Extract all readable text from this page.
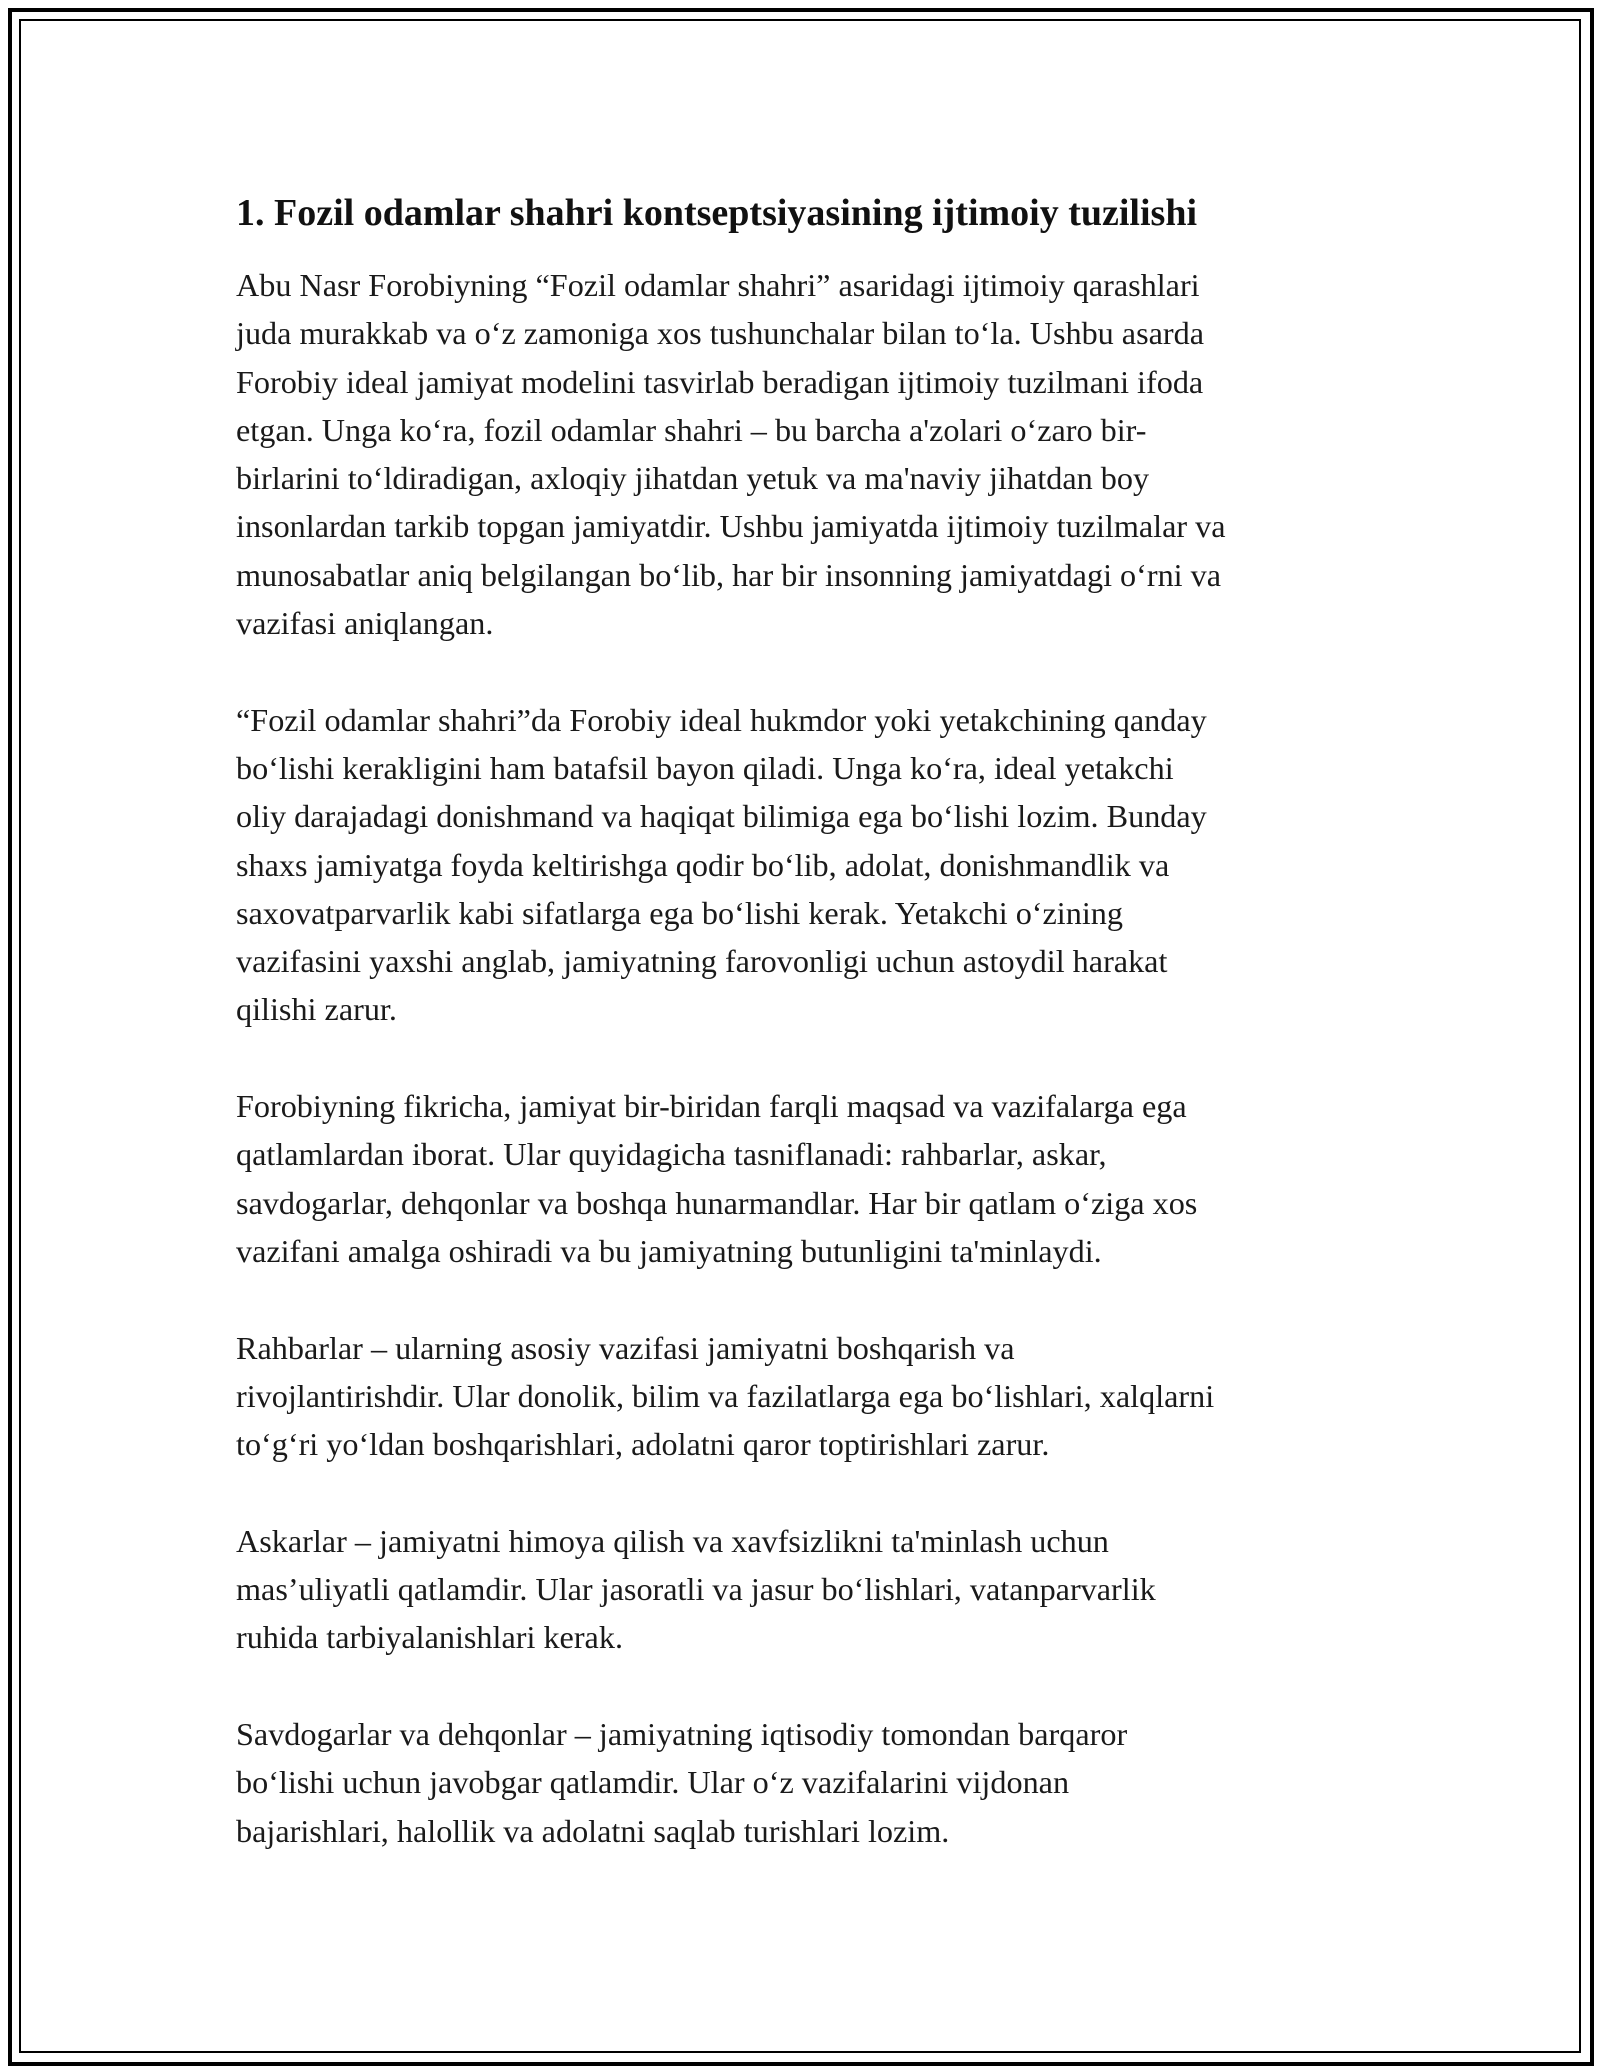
1. Fozil odamlar shahri kontseptsiyasining ijtimoiy tuzilishi

Abu Nasr Forobiyning “Fozil odamlar shahri” asaridagi ijtimoiy qarashlari
juda murakkab va oʻz zamoniga xos tushunchalar bilan toʻla. Ushbu asarda
Forobiy ideal jamiyat modelini tasvirlab beradigan ijtimoiy tuzilmani ifoda
etgan. Unga koʻra, fozil odamlar shahri – bu barcha a'zolari oʻzaro bir-
birlarini toʻldiradigan, axloqiy jihatdan yetuk va ma'naviy jihatdan boy
insonlardan tarkib topgan jamiyatdir. Ushbu jamiyatda ijtimoiy tuzilmalar va
munosabatlar aniq belgilangan boʻlib, har bir insonning jamiyatdagi oʻrni va
vazifasi aniqlangan.

“Fozil odamlar shahri”da Forobiy ideal hukmdor yoki yetakchining qanday
boʻlishi kerakligini ham batafsil bayon qiladi. Unga koʻra, ideal yetakchi
oliy darajadagi donishmand va haqiqat bilimiga ega boʻlishi lozim. Bunday
shaxs jamiyatga foyda keltirishga qodir boʻlib, adolat, donishmandlik va
saxovatparvarlik kabi sifatlarga ega boʻlishi kerak. Yetakchi oʻzining
vazifasini yaxshi anglab, jamiyatning farovonligi uchun astoydil harakat
qilishi zarur.

Forobiyning fikricha, jamiyat bir-biridan farqli maqsad va vazifalarga ega
qatlamlardan iborat. Ular quyidagicha tasniflanadi: rahbarlar, askar,
savdogarlar, dehqonlar va boshqa hunarmandlar. Har bir qatlam oʻziga xos
vazifani amalga oshiradi va bu jamiyatning butunligini ta'minlaydi.

Rahbarlar – ularning asosiy vazifasi jamiyatni boshqarish va
rivojlantirishdir. Ular donolik, bilim va fazilatlarga ega boʻlishlari, xalqlarni
toʻgʻri yoʻldan boshqarishlari, adolatni qaror toptirishlari zarur.

Askarlar – jamiyatni himoya qilish va xavfsizlikni ta'minlash uchun
mas’uliyatli qatlamdir. Ular jasoratli va jasur boʻlishlari, vatanparvarlik
ruhida tarbiyalanishlari kerak.

Savdogarlar va dehqonlar – jamiyatning iqtisodiy tomondan barqaror
boʻlishi uchun javobgar qatlamdir. Ular oʻz vazifalarini vijdonan
bajarishlari, halollik va adolatni saqlab turishlari lozim.
